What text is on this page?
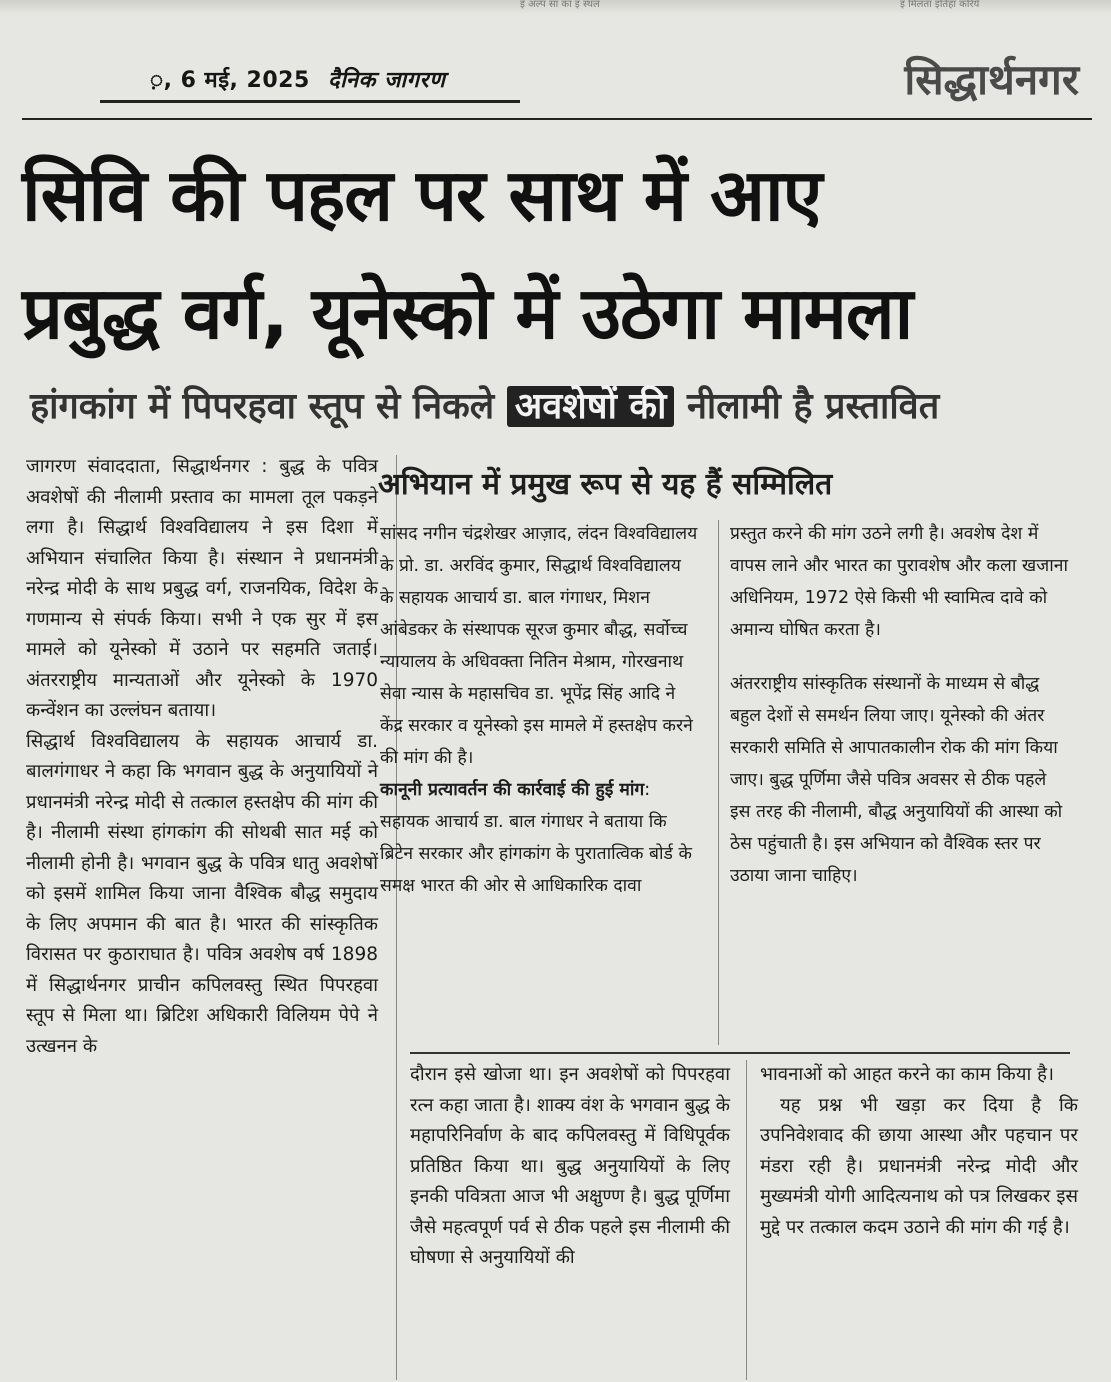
इ अल्प सा का इ स्थल	इ मिलता इतिहा करिये
़, 6 मई, 2025 दैनिक जागरण	सिद्धार्थनगर
सिवि की पहल पर साथ में आए
प्रबुद्ध वर्ग, यूनेस्को में उठेगा मामला
हांगकांग में पिपरहवा स्तूप से निकले अवशेषों की नीलामी है प्रस्तावित

जागरण संवाददाता, सिद्धार्थनगर : बुद्ध के पवित्र अवशेषों की नीलामी प्रस्ताव का मामला तूल पकड़ने लगा है। सिद्धार्थ विश्वविद्यालय ने इस दिशा में अभियान संचालित किया है। संस्थान ने प्रधानमंत्री नरेन्द्र मोदी के साथ प्रबुद्ध वर्ग, राजनयिक, विदेश के गणमान्य से संपर्क किया। सभी ने एक सुर में इस मामले को यूनेस्को में उठाने पर सहमति जताई। अंतरराष्ट्रीय मान्यताओं और यूनेस्को के 1970 कन्वेंशन का उल्लंघन बताया।

सिद्धार्थ विश्वविद्यालय के सहायक आचार्य डा. बालगंगाधर ने कहा कि भगवान बुद्ध के अनुयायियों ने प्रधानमंत्री नरेन्द्र मोदी से तत्काल हस्तक्षेप की मांग की है। नीलामी संस्था हांगकांग की सोथबी सात मई को नीलामी होनी है। भगवान बुद्ध के पवित्र धातु अवशेषों को इसमें शामिल किया जाना वैश्विक बौद्ध समुदाय के लिए अपमान की बात है। भारत की सांस्कृतिक विरासत पर कुठाराघात है। पवित्र अवशेष वर्ष 1898 में सिद्धार्थनगर प्राचीन कपिलवस्तु स्थित पिपरहवा स्तूप से मिला था। ब्रिटिश अधिकारी विलियम पेपे ने उत्खनन के

अभियान में प्रमुख रूप से यह हैं सम्मिलित

सांसद नगीन चंद्रशेखर आज़ाद, लंदन विश्वविद्यालय के प्रो. डा. अरविंद कुमार, सिद्धार्थ विश्वविद्यालय के सहायक आचार्य डा. बाल गंगाधर, मिशन आंबेडकर के संस्थापक सूरज कुमार बौद्ध, सर्वोच्च न्यायालय के अधिवक्ता नितिन मेश्राम, गोरखनाथ सेवा न्यास के महासचिव डा. भूपेंद्र सिंह आदि ने केंद्र सरकार व यूनेस्को इस मामले में हस्तक्षेप करने की मांग की है।

कानूनी प्रत्यावर्तन की कार्रवाई की हुई मांग: सहायक आचार्य डा. बाल गंगाधर ने बताया कि ब्रिटेन सरकार और हांगकांग के पुरातात्विक बोर्ड के समक्ष भारत की ओर से आधिकारिक दावा

प्रस्तुत करने की मांग उठने लगी है। अवशेष देश में वापस लाने और भारत का पुरावशेष और कला खजाना अधिनियम, 1972 ऐसे किसी भी स्वामित्व दावे को अमान्य घोषित करता है।

अंतरराष्ट्रीय सांस्कृतिक संस्थानों के माध्यम से बौद्ध बहुल देशों से समर्थन लिया जाए। यूनेस्को की अंतर सरकारी समिति से आपातकालीन रोक की मांग किया जाए। बुद्ध पूर्णिमा जैसे पवित्र अवसर से ठीक पहले इस तरह की नीलामी, बौद्ध अनुयायियों की आस्था को ठेस पहुंचाती है। इस अभियान को वैश्विक स्तर पर उठाया जाना चाहिए।

दौरान इसे खोजा था। इन अवशेषों को पिपरहवा रत्न कहा जाता है। शाक्य वंश के भगवान बुद्ध के महापरिनिर्वाण के बाद कपिलवस्तु में विधिपूर्वक प्रतिष्ठित किया था। बुद्ध अनुयायियों के लिए इनकी पवित्रता आज भी अक्षुण्ण है। बुद्ध पूर्णिमा जैसे महत्वपूर्ण पर्व से ठीक पहले इस नीलामी की घोषणा से अनुयायियों की

भावनाओं को आहत करने का काम किया है।

यह प्रश्न भी खड़ा कर दिया है कि उपनिवेशवाद की छाया आस्था और पहचान पर मंडरा रही है। प्रधानमंत्री नरेन्द्र मोदी और मुख्यमंत्री योगी आदित्यनाथ को पत्र लिखकर इस मुद्दे पर तत्काल कदम उठाने की मांग की गई है।
